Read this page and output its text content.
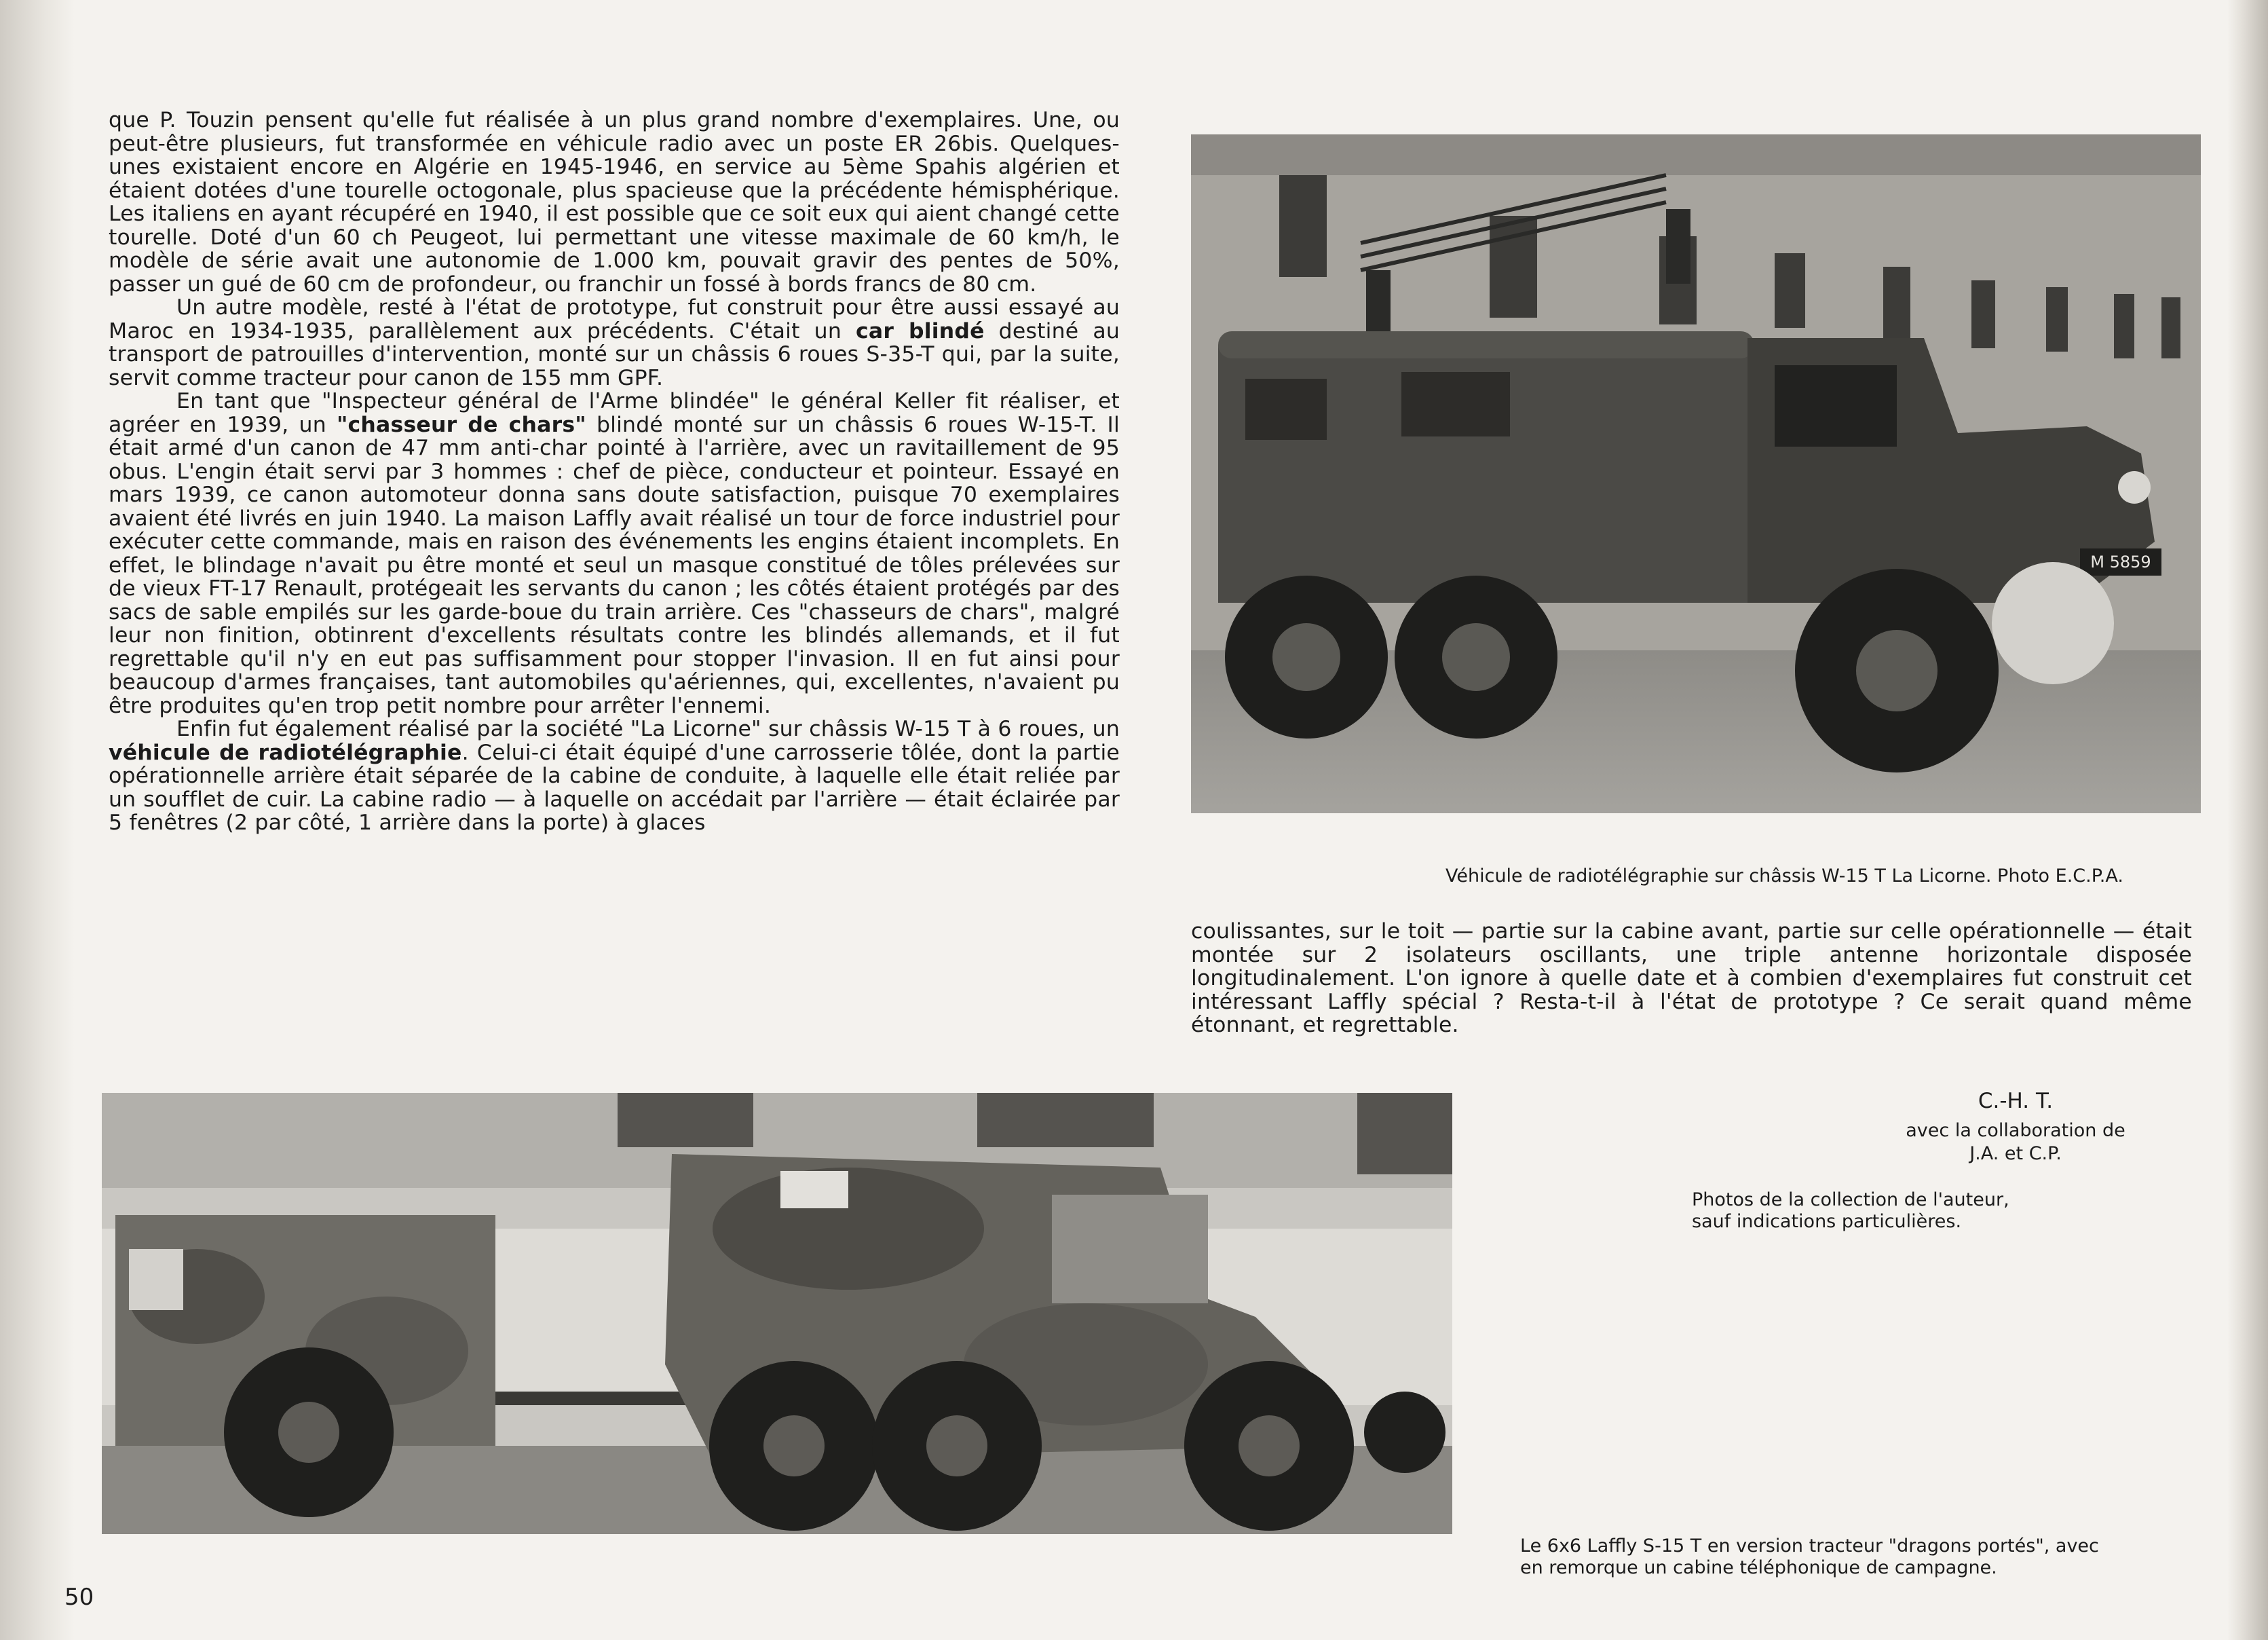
que P. Touzin pensent qu'elle fut réalisée à un plus grand nombre d'exemplaires. Une, ou peut-être plusieurs, fut transformée en véhicule radio avec un poste ER 26bis. Quelques-unes existaient encore en Algérie en 1945-1946, en service au 5ème Spahis algérien et étaient dotées d'une tourelle octogonale, plus spacieuse que la précédente hémisphérique. Les italiens en ayant récupéré en 1940, il est possible que ce soit eux qui aient changé cette tourelle. Doté d'un 60 ch Peugeot, lui permettant une vitesse maximale de 60 km/h, le modèle de série avait une autonomie de 1.000 km, pouvait gravir des pentes de 50%, passer un gué de 60 cm de profondeur, ou franchir un fossé à bords francs de 80 cm.

Un autre modèle, resté à l'état de prototype, fut construit pour être aussi essayé au Maroc en 1934-1935, parallèlement aux précédents. C'était un car blindé destiné au transport de patrouilles d'intervention, monté sur un châssis 6 roues S-35-T qui, par la suite, servit comme tracteur pour canon de 155 mm GPF.

En tant que "Inspecteur général de l'Arme blindée" le général Keller fit réaliser, et agréer en 1939, un "chasseur de chars" blindé monté sur un châssis 6 roues W-15-T. Il était armé d'un canon de 47 mm anti-char pointé à l'arrière, avec un ravitaillement de 95 obus. L'engin était servi par 3 hommes : chef de pièce, conducteur et pointeur. Essayé en mars 1939, ce canon automoteur donna sans doute satisfaction, puisque 70 exemplaires avaient été livrés en juin 1940. La maison Laffly avait réalisé un tour de force industriel pour exécuter cette commande, mais en raison des événements les engins étaient incomplets. En effet, le blindage n'avait pu être monté et seul un masque constitué de tôles prélevées sur de vieux FT-17 Renault, protégeait les servants du canon ; les côtés étaient protégés par des sacs de sable empilés sur les garde-boue du train arrière. Ces "chasseurs de chars", malgré leur non finition, obtinrent d'excellents résultats contre les blindés allemands, et il fut regrettable qu'il n'y en eut pas suffisamment pour stopper l'invasion. Il en fut ainsi pour beaucoup d'armes françaises, tant automobiles qu'aériennes, qui, excellentes, n'avaient pu être produites qu'en trop petit nombre pour arrêter l'ennemi.

Enfin fut également réalisé par la société "La Licorne" sur châssis W-15 T à 6 roues, un véhicule de radiotélégraphie. Celui-ci était équipé d'une carrosserie tôlée, dont la partie opérationnelle arrière était séparée de la cabine de conduite, à laquelle elle était reliée par un soufflet de cuir. La cabine radio — à laquelle on accédait par l'arrière — était éclairée par 5 fenêtres (2 par côté, 1 arrière dans la porte) à glaces

M 5859
Véhicule de radiotélégraphie sur châssis W-15 T La Licorne. Photo E.C.P.A.

coulissantes, sur le toit — partie sur la cabine avant, partie sur celle opérationnelle — était montée sur 2 isolateurs oscillants, une triple antenne horizontale disposée longitudinalement. L'on ignore à quelle date et à combien d'exemplaires fut construit cet intéressant Laffly spécial ? Resta-t-il à l'état de prototype ? Ce serait quand même étonnant, et regrettable.

C.-H. T.
avec la collaboration de
J.A. et C.P.
Photos de la collection de l'auteur,
sauf indications particulières.
Le 6x6 Laffly S-15 T en version tracteur "dragons portés", avec
en remorque un cabine téléphonique de campagne.
50
